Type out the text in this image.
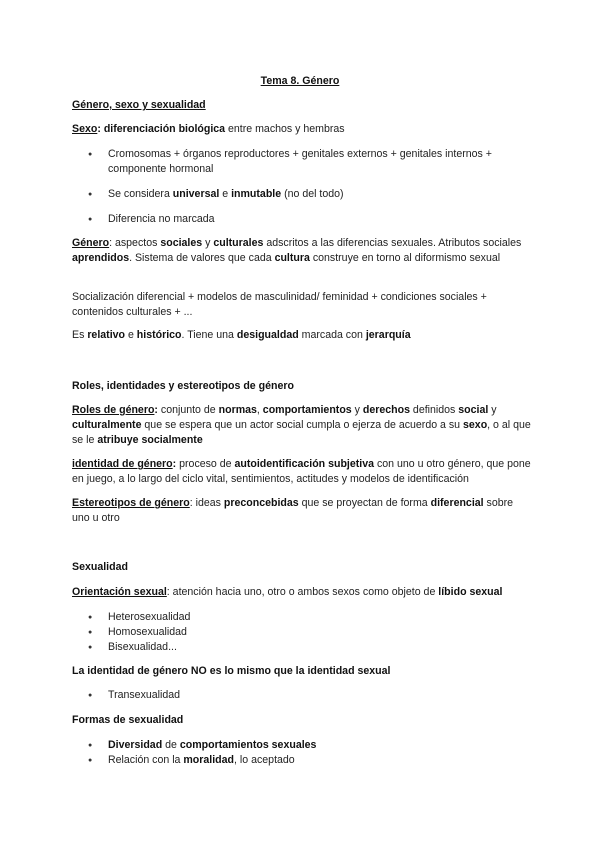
Tema 8. Género

Género, sexo y sexualidad

Sexo: diferenciación biológica entre machos y hembras

● Cromosomas + órganos reproductores + genitales externos + genitales internos + componente hormonal
● Se considera universal e inmutable (no del todo)
● Diferencia no marcada

Género: aspectos sociales y culturales adscritos a las diferencias sexuales. Atributos sociales aprendidos. Sistema de valores que cada cultura construye en torno al diformismo sexual

Socialización diferencial + modelos de masculinidad/ feminidad + condiciones sociales + contenidos culturales + ...

Es relativo e histórico. Tiene una desigualdad marcada con jerarquía

Roles, identidades y estereotipos de género

Roles de género: conjunto de normas, comportamientos y derechos definidos social y culturalmente que se espera que un actor social cumpla o ejerza de acuerdo a su sexo, o al que se le atribuye socialmente

identidad de género: proceso de autoidentificación subjetiva con uno u otro género, que pone en juego, a lo largo del ciclo vital, sentimientos, actitudes y modelos de identificación

Estereotipos de género: ideas preconcebidas que se proyectan de forma diferencial sobre uno u otro

Sexualidad

Orientación sexual: atención hacia uno, otro o ambos sexos como objeto de líbido sexual

● Heterosexualidad
● Homosexualidad
● Bisexualidad...

La identidad de género NO es lo mismo que la identidad sexual

● Transexualidad

Formas de sexualidad

● Diversidad de comportamientos sexuales
● Relación con la moralidad, lo aceptado
